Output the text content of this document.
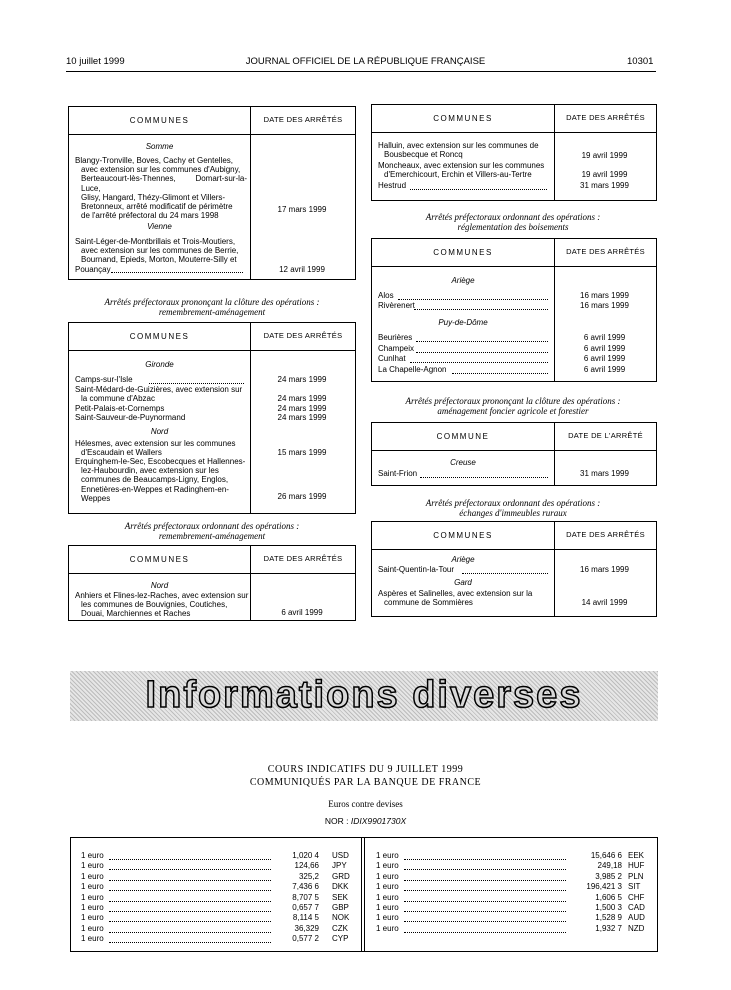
10 juillet 1999	JOURNAL OFFICIEL DE LA RÉPUBLIQUE FRANÇAISE	10301
COMMUNES	DATE DES ARRÊTÉS
Somme
Blangy-Tronville, Boves, Cachy et Gentelles,
avec extension sur les communes d'Aubigny,
Berteaucourt-lès-Thennes, Domart-sur-la-Luce,
Glisy, Hangard, Thézy-Glimont et Villers-
Bretonneux, arrêté modificatif de périmètre
de l'arrêté préfectoral du 24 mars 1998
17 mars 1999
Vienne
Saint-Léger-de-Montbrillais et Trois-Moutiers,
avec extension sur les communes de Berrie,
Bournand, Epieds, Morton, Mouterre-Silly et
Pouançay	12 avril 1999
Arrêtés préfectoraux prononçant la clôture des opérations :
remembrement-aménagement
COMMUNES	DATE DES ARRÊTÉS
Gironde
Camps-sur-l'Isle	24 mars 1999
Saint-Médard-de-Guizières, avec extension sur
la commune d'Abzac	24 mars 1999
Petit-Palais-et-Cornemps	24 mars 1999
Saint-Sauveur-de-Puynormand	24 mars 1999
Nord
Hélesmes, avec extension sur les communes
d'Escaudain et Wallers	15 mars 1999
Erquinghem-le-Sec, Escobecques et Hallennes-
lez-Haubourdin, avec extension sur les
communes de Beaucamps-Ligny, Englos,
Ennetières-en-Weppes et Radinghem-en-
Weppes	26 mars 1999
Arrêtés préfectoraux ordonnant des opérations :
remembrement-aménagement
COMMUNES	DATE DES ARRÊTÉS
Nord
Anhiers et Flines-lez-Raches, avec extension sur
les communes de Bouvignies, Coutiches,
Douai, Marchiennes et Raches	6 avril 1999
COMMUNES	DATE DES ARRÊTÉS
Halluin, avec extension sur les communes de
Bousbecque et Roncq	19 avril 1999
Moncheaux, avec extension sur les communes
d'Emerchicourt, Erchin et Villers-au-Tertre	19 avril 1999
Hestrud	31 mars 1999
Arrêtés préfectoraux ordonnant des opérations :
réglementation des boisements
COMMUNES	DATE DES ARRÊTÉS
Ariège
Alos	16 mars 1999
Rivèrenert	16 mars 1999
Puy-de-Dôme
Beurières	6 avril 1999
Champeix	6 avril 1999
Cunlhat	6 avril 1999
La Chapelle-Agnon	6 avril 1999
Arrêtés préfectoraux prononçant la clôture des opérations :
aménagement foncier agricole et forestier
COMMUNE	DATE DE L'ARRÊTÉ
Creuse
Saint-Frion	31 mars 1999
Arrêtés préfectoraux ordonnant des opérations :
échanges d'immeubles ruraux
COMMUNES	DATE DES ARRÊTÉS
Ariège
Saint-Quentin-la-Tour	16 mars 1999
Gard
Aspères et Salinelles, avec extension sur la
commune de Sommières	14 avril 1999
Informations diverses
COURS INDICATIFS DU 9 JUILLET 1999
COMMUNIQUÉS PAR LA BANQUE DE FRANCE
Euros contre devises
NOR : IDIX9901730X
1 euro	1,020 4 USD
1 euro	124,66 JPY
1 euro	325,2 GRD
1 euro	7,436 6 DKK
1 euro	8,707 5 SEK
1 euro	0,657 7 GBP
1 euro	8,114 5 NOK
1 euro	36,329 CZK
1 euro	0,577 2 CYP
1 euro	15,646 6 EEK
1 euro	249,18 HUF
1 euro	3,985 2 PLN
1 euro	196,421 3 SIT
1 euro	1,606 5 CHF
1 euro	1,500 3 CAD
1 euro	1,528 9 AUD
1 euro	1,932 7 NZD
